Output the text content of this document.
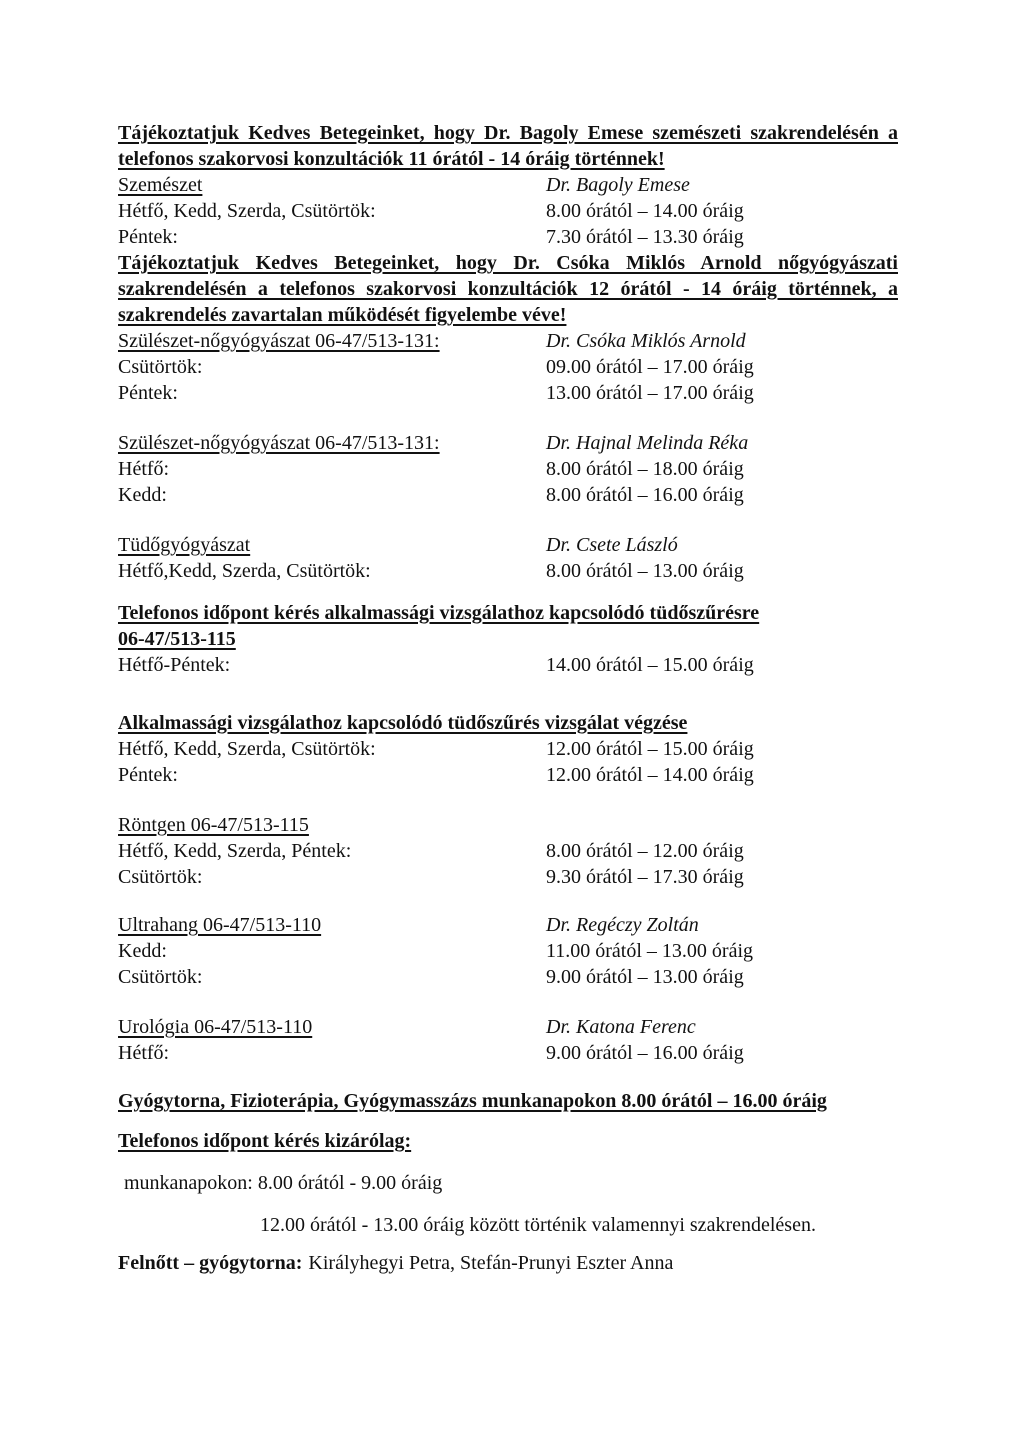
Tájékoztatjuk Kedves Betegeinket, hogy Dr. Bagoly Emese szemészeti szakrendelésén a telefonos szakorvosi konzultációk 11 órától - 14 óráig történnek!

Szemészet	Dr. Bagoly Emese
Hétfő, Kedd, Szerda, Csütörtök:	8.00 órától – 14.00 óráig
Péntek:	7.30 órától – 13.30 óráig

Tájékoztatjuk Kedves Betegeinket, hogy Dr. Csóka Miklós Arnold nőgyógyászati szakrendelésén a telefonos szakorvosi konzultációk 12 órától - 14 óráig történnek, a szakrendelés zavartalan működését figyelembe véve!

Szülészet-nőgyógyászat 06-47/513-131:	Dr. Csóka Miklós Arnold
Csütörtök:	09.00 órától – 17.00 óráig
Péntek:	13.00 órától – 17.00 óráig
Szülészet-nőgyógyászat 06-47/513-131:	Dr. Hajnal Melinda Réka
Hétfő:	8.00 órától – 18.00 óráig
Kedd:	8.00 órától – 16.00 óráig
Tüdőgyógyászat	Dr. Csete László
Hétfő,Kedd, Szerda, Csütörtök:	8.00 órától – 13.00 óráig

Telefonos időpont kérés alkalmassági vizsgálathoz kapcsolódó tüdőszűrésre
06-47/513-115

Hétfő-Péntek:	14.00 órától – 15.00 óráig

Alkalmassági vizsgálathoz kapcsolódó tüdőszűrés vizsgálat végzése

Hétfő, Kedd, Szerda, Csütörtök:	12.00 órától – 15.00 óráig
Péntek:	12.00 órától – 14.00 óráig
Röntgen 06-47/513-115
Hétfő, Kedd, Szerda, Péntek:	8.00 órától – 12.00 óráig
Csütörtök:	9.30 órától – 17.30 óráig
Ultrahang 06-47/513-110	Dr. Regéczy Zoltán
Kedd:	11.00 órától – 13.00 óráig
Csütörtök:	9.00 órától – 13.00 óráig
Urológia 06-47/513-110	Dr. Katona Ferenc
Hétfő:	9.00 órától – 16.00 óráig

Gyógytorna, Fizioterápia, Gyógymasszázs munkanapokon 8.00 órától – 16.00 óráig

Telefonos időpont kérés kizárólag:

munkanapokon: 8.00 órától - 9.00 óráig

12.00 órától - 13.00 óráig között történik valamennyi szakrendelésen.

Felnőtt – gyógytorna: Királyhegyi Petra, Stefán-Prunyi Eszter Anna
